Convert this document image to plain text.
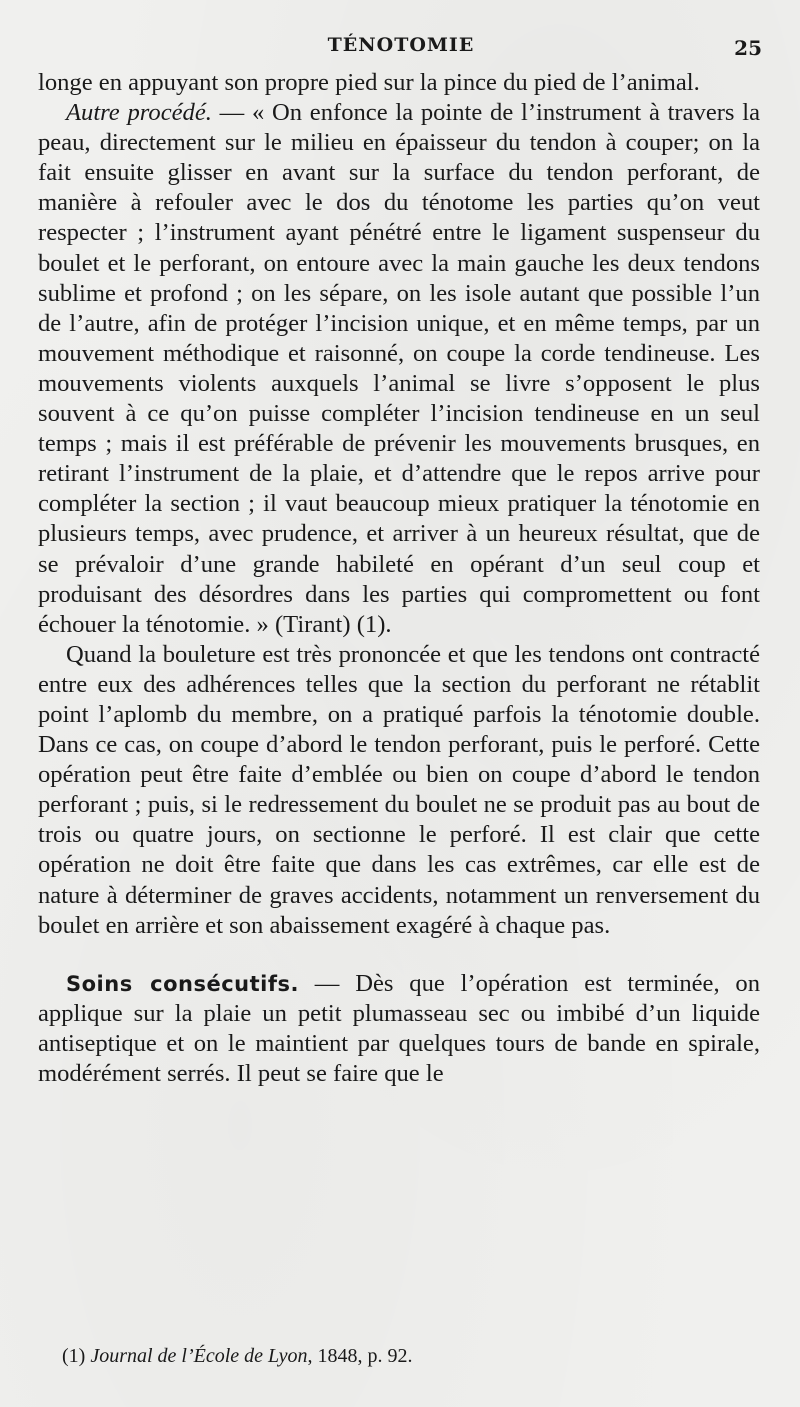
TÉNOTOMIE	25

longe en appuyant son propre pied sur la pince du pied de l’animal.

Autre procédé. — « On enfonce la pointe de l’instrument à travers la peau, directement sur le milieu en épaisseur du tendon à couper; on la fait ensuite glisser en avant sur la surface du tendon perforant, de manière à refouler avec le dos du ténotome les parties qu’on veut respecter ; l’instrument ayant pénétré entre le ligament suspenseur du boulet et le perforant, on entoure avec la main gauche les deux tendons sublime et profond ; on les sépare, on les isole autant que possible l’un de l’autre, afin de protéger l’incision unique, et en même temps, par un mouvement méthodique et raisonné, on coupe la corde tendineuse. Les mouvements violents auxquels l’animal se livre s’opposent le plus souvent à ce qu’on puisse compléter l’incision tendineuse en un seul temps ; mais il est préférable de prévenir les mouvements brusques, en retirant l’instrument de la plaie, et d’attendre que le repos arrive pour compléter la section ; il vaut beaucoup mieux pratiquer la ténotomie en plusieurs temps, avec prudence, et arriver à un heureux résultat, que de se prévaloir d’une grande habileté en opérant d’un seul coup et produisant des désordres dans les parties qui compromettent ou font échouer la ténotomie. » (Tirant) (1).

Quand la bouleture est très prononcée et que les tendons ont contracté entre eux des adhérences telles que la section du perforant ne rétablit point l’aplomb du membre, on a pratiqué parfois la ténotomie double. Dans ce cas, on coupe d’abord le tendon perforant, puis le perforé. Cette opération peut être faite d’emblée ou bien on coupe d’abord le tendon perforant ; puis, si le redressement du boulet ne se produit pas au bout de trois ou quatre jours, on sectionne le perforé. Il est clair que cette opération ne doit être faite que dans les cas extrêmes, car elle est de nature à déterminer de graves accidents, notamment un renversement du boulet en arrière et son abaissement exagéré à chaque pas.

Soins consécutifs. — Dès que l’opération est terminée, on applique sur la plaie un petit plumasseau sec ou imbibé d’un liquide antiseptique et on le maintient par quelques tours de bande en spirale, modérément serrés. Il peut se faire que le

(1) Journal de l’École de Lyon, 1848, p. 92.
